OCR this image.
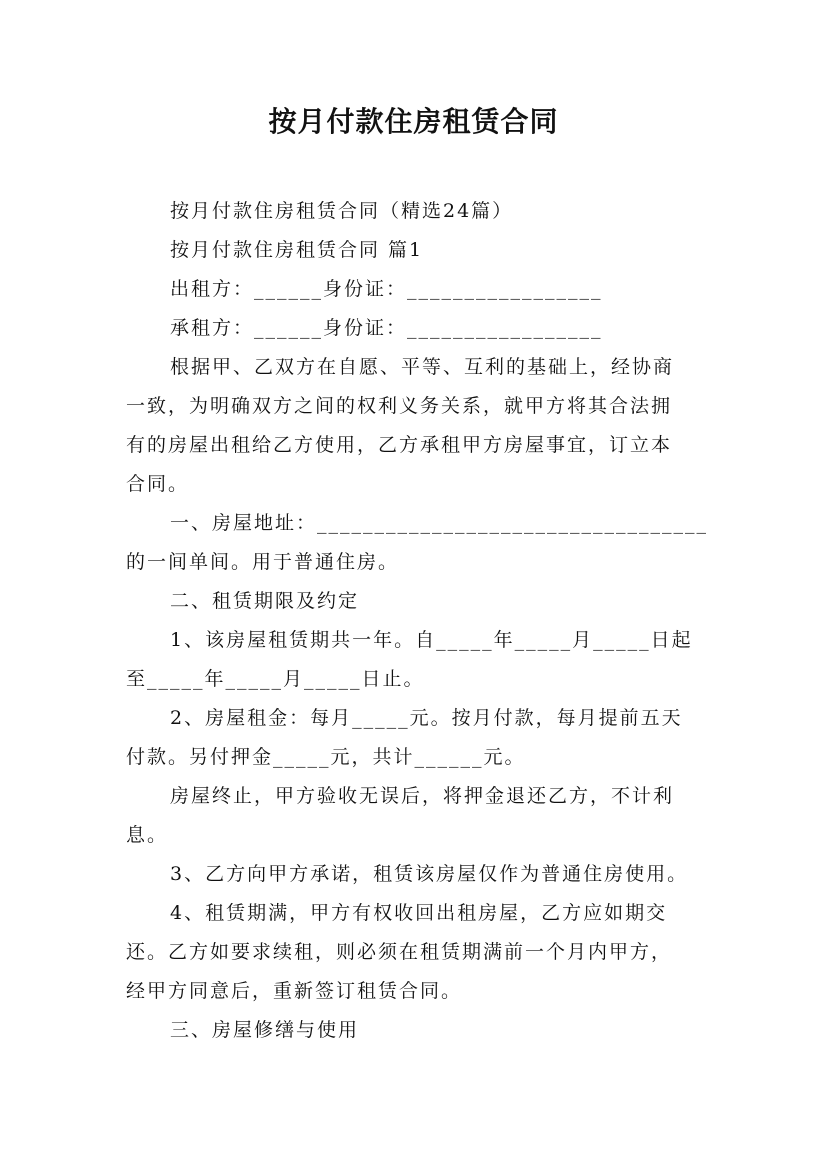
按月付款住房租赁合同

按月付款住房租赁合同（精选24篇）

按月付款住房租赁合同 篇1

出租方：______身份证：_________________

承租方：______身份证：_________________

根据甲、乙双方在自愿、平等、互利的基础上，经协商

一致，为明确双方之间的权利义务关系，就甲方将其合法拥

有的房屋出租给乙方使用，乙方承租甲方房屋事宜，订立本

合同。

一、房屋地址：__________________________________

的一间单间。用于普通住房。

二、租赁期限及约定

1、该房屋租赁期共一年。自_____年_____月_____日起

至_____年_____月_____日止。

2、房屋租金：每月_____元。按月付款，每月提前五天

付款。另付押金_____元，共计______元。

房屋终止，甲方验收无误后，将押金退还乙方，不计利

息。

3、乙方向甲方承诺，租赁该房屋仅作为普通住房使用。

4、租赁期满，甲方有权收回出租房屋，乙方应如期交

还。乙方如要求续租，则必须在租赁期满前一个月内甲方，

经甲方同意后，重新签订租赁合同。

三、房屋修缮与使用
